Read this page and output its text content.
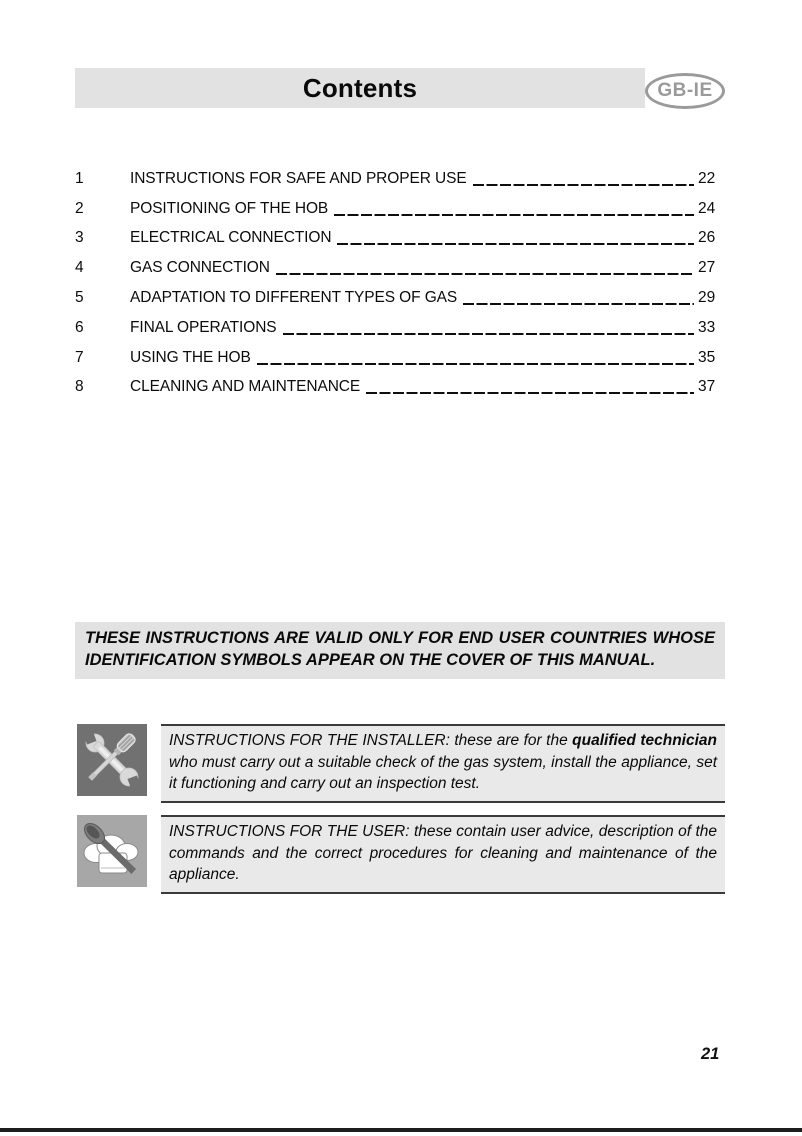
Contents	GB-IE
1	INSTRUCTIONS FOR SAFE AND PROPER USE	22
2	POSITIONING OF THE HOB	24
3	ELECTRICAL CONNECTION	26
4	GAS CONNECTION	27
5	ADAPTATION TO DIFFERENT TYPES OF GAS	29
6	FINAL OPERATIONS	33
7	USING THE HOB	35
8	CLEANING AND MAINTENANCE	37
THESE INSTRUCTIONS ARE VALID ONLY FOR END USER COUNTRIES WHOSE IDENTIFICATION SYMBOLS APPEAR ON THE COVER OF THIS MANUAL.
INSTRUCTIONS FOR THE INSTALLER: these are for the qualified technician who must carry out a suitable check of the gas system, install the appliance, set it functioning and carry out an inspection test.
INSTRUCTIONS FOR THE USER: these contain user advice, description of the commands and the correct procedures for cleaning and maintenance of the appliance.
21
